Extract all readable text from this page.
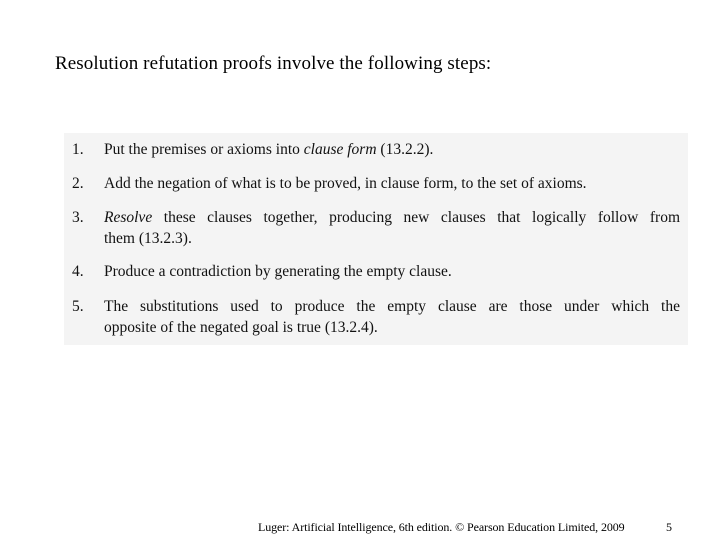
Resolution refutation proofs involve the following steps:
1. Put the premises or axioms into clause form (13.2.2).
2. Add the negation of what is to be proved, in clause form, to the set of axioms.
3. Resolve these clauses together, producing new clauses that logically follow from
them (13.2.3).
4. Produce a contradiction by generating the empty clause.
5. The substitutions used to produce the empty clause are those under which the
opposite of the negated goal is true (13.2.4).
Luger: Artificial Intelligence, 6th edition. © Pearson Education Limited, 2009	5
